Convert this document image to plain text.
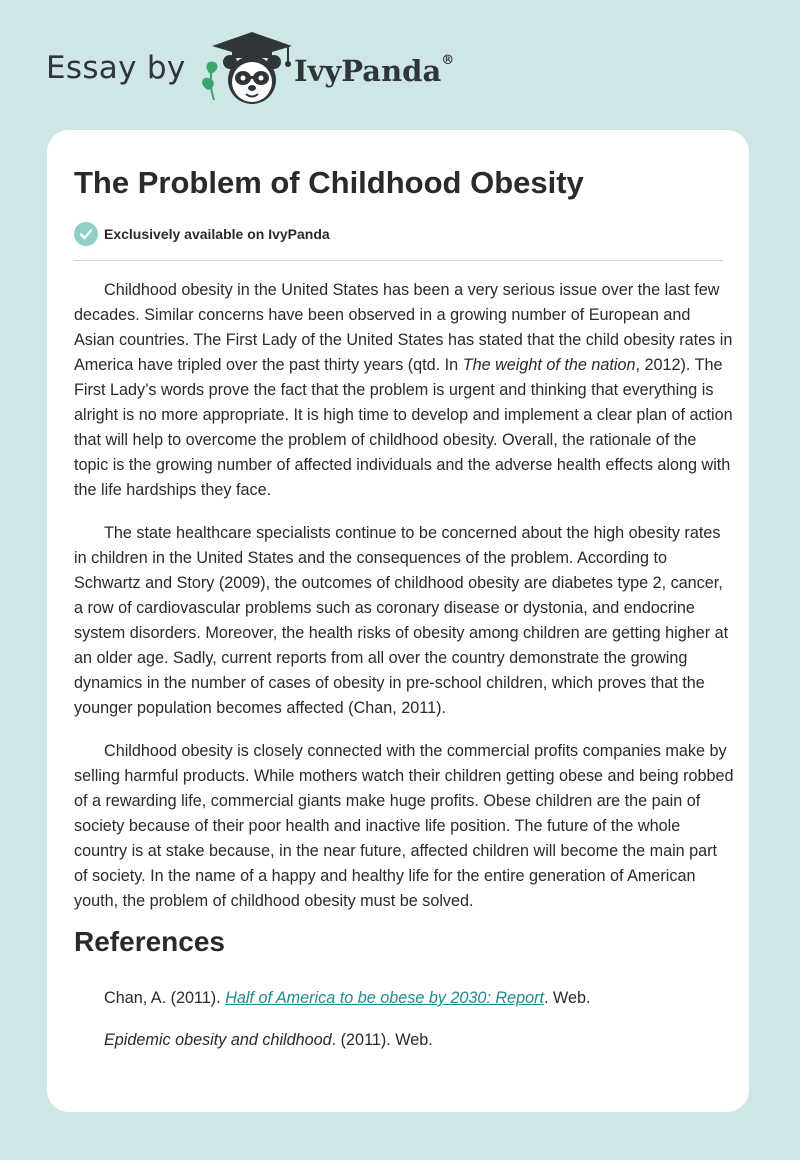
Essay by	IvyPanda®
The Problem of Childhood Obesity
Exclusively available on IvyPanda

Childhood obesity in the United States has been a very serious issue over the last few decades. Similar concerns have been observed in a growing number of European and Asian countries. The First Lady of the United States has stated that the child obesity rates in America have tripled over the past thirty years (qtd. In The weight of the nation, 2012). The First Lady’s words prove the fact that the problem is urgent and thinking that everything is alright is no more appropriate. It is high time to develop and implement a clear plan of action that will help to overcome the problem of childhood obesity. Overall, the rationale of the topic is the growing number of affected individuals and the adverse health effects along with the life hardships they face.

The state healthcare specialists continue to be concerned about the high obesity rates in children in the United States and the consequences of the problem. According to Schwartz and Story (2009), the outcomes of childhood obesity are diabetes type 2, cancer, a row of cardiovascular problems such as coronary disease or dystonia, and endocrine system disorders. Moreover, the health risks of obesity among children are getting higher at an older age. Sadly, current reports from all over the country demonstrate the growing dynamics in the number of cases of obesity in pre-school children, which proves that the younger population becomes affected (Chan, 2011).

Childhood obesity is closely connected with the commercial profits companies make by selling harmful products. While mothers watch their children getting obese and being robbed of a rewarding life, commercial giants make huge profits. Obese children are the pain of society because of their poor health and inactive life position. The future of the whole country is at stake because, in the near future, affected children will become the main part of society. In the name of a happy and healthy life for the entire generation of American youth, the problem of childhood obesity must be solved.

References
Chan, A. (2011). Half of America to be obese by 2030: Report. Web.
Epidemic obesity and childhood. (2011). Web.
